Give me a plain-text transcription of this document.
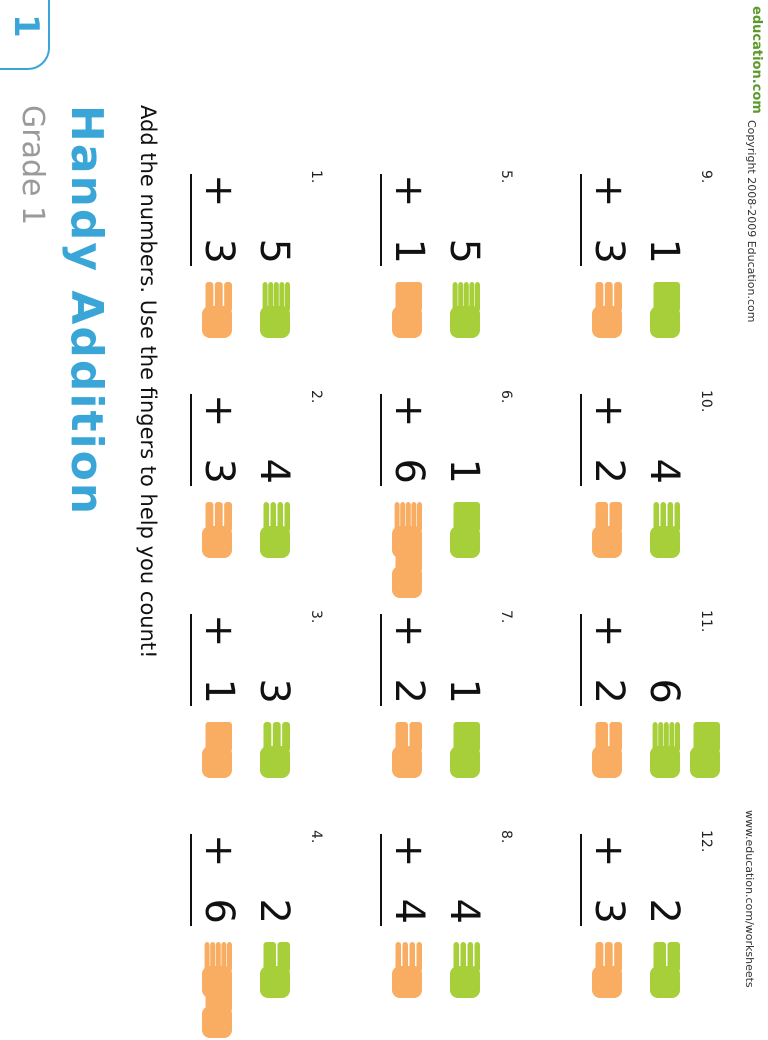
1
Grade 1 Handy Addition Add the numbers. Use the fingers to help you count!	1.
5
+
3
2.
4
+
3
3.
3
+
1
4.
2
+
6
5.
5
+
1
6.
1
+
6
7.
1
+
2
8.
4
+
4
9.
1
+
3
10.
4
+
2
11.
6
+
2
12.
2
+
3
education.com
Copyright 2008-2009 Education.com
www.education.com/worksheets
